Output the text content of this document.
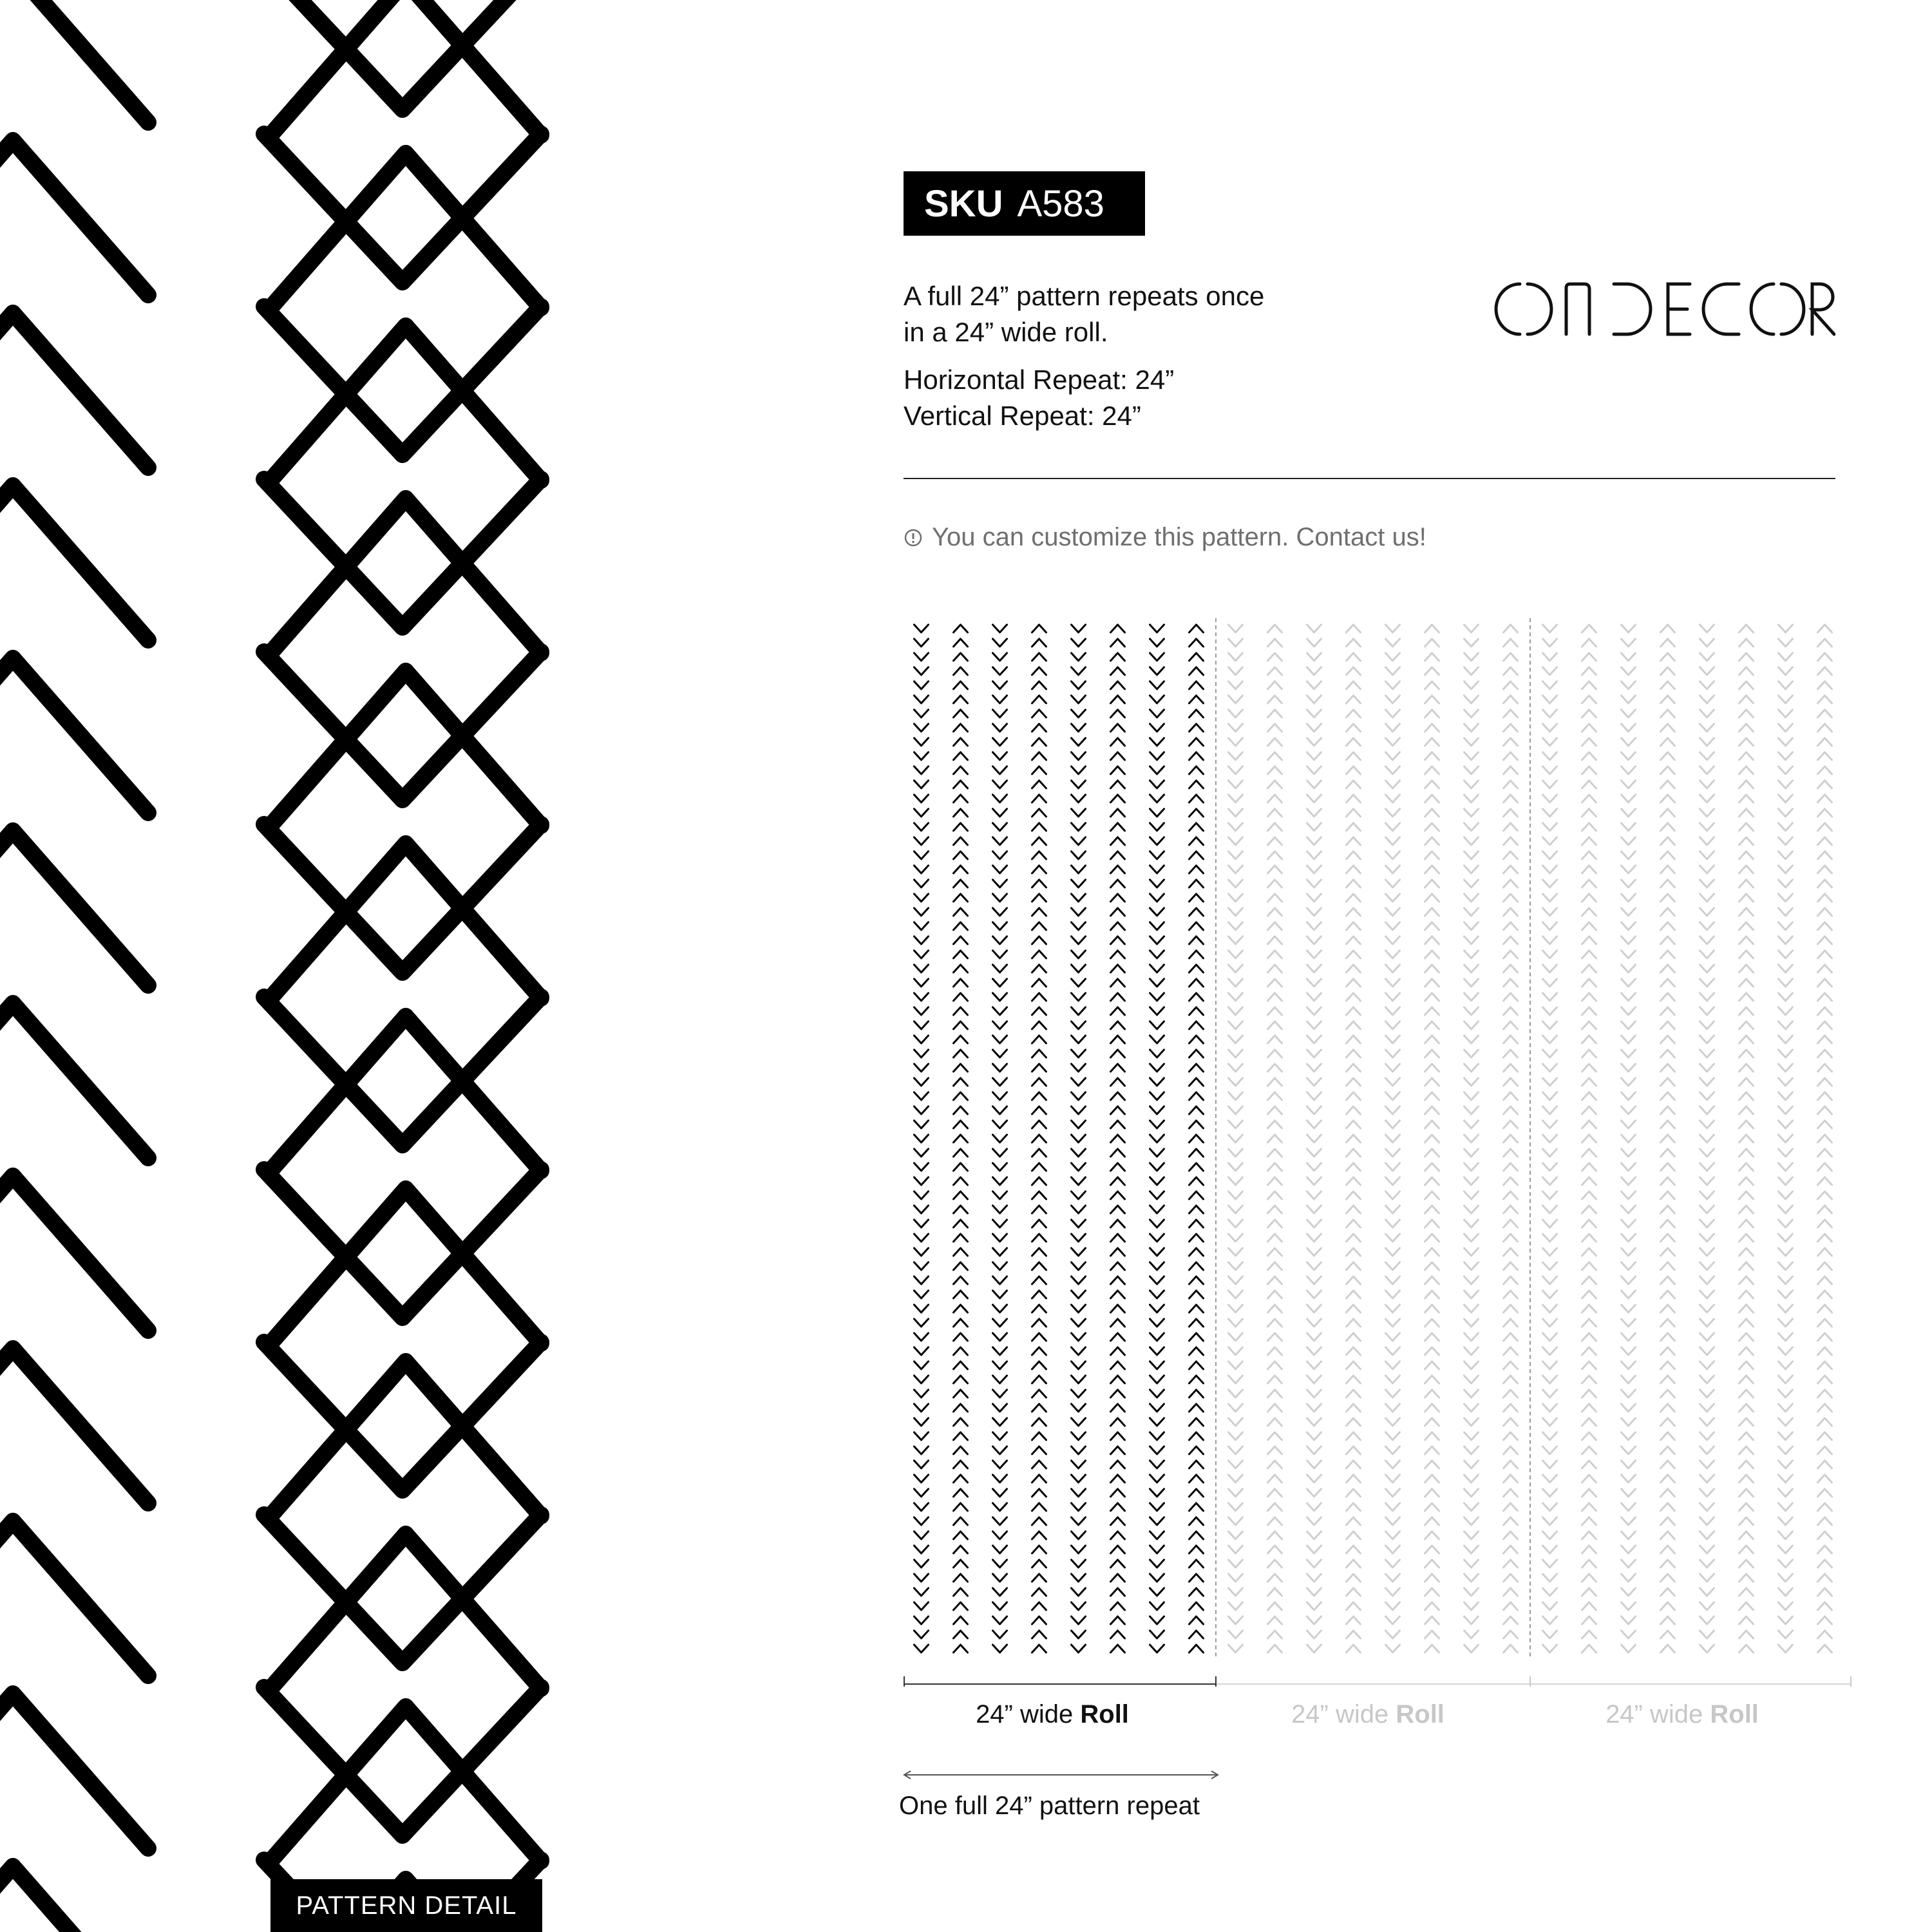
PATTERN DETAIL
SKU A583
A full 24” pattern repeats once
in a 24” wide roll.
Horizontal Repeat: 24”
Vertical Repeat: 24”
You can customize this pattern. Contact us!
24” wide Roll	24” wide Roll	24” wide Roll
One full 24” pattern repeat
